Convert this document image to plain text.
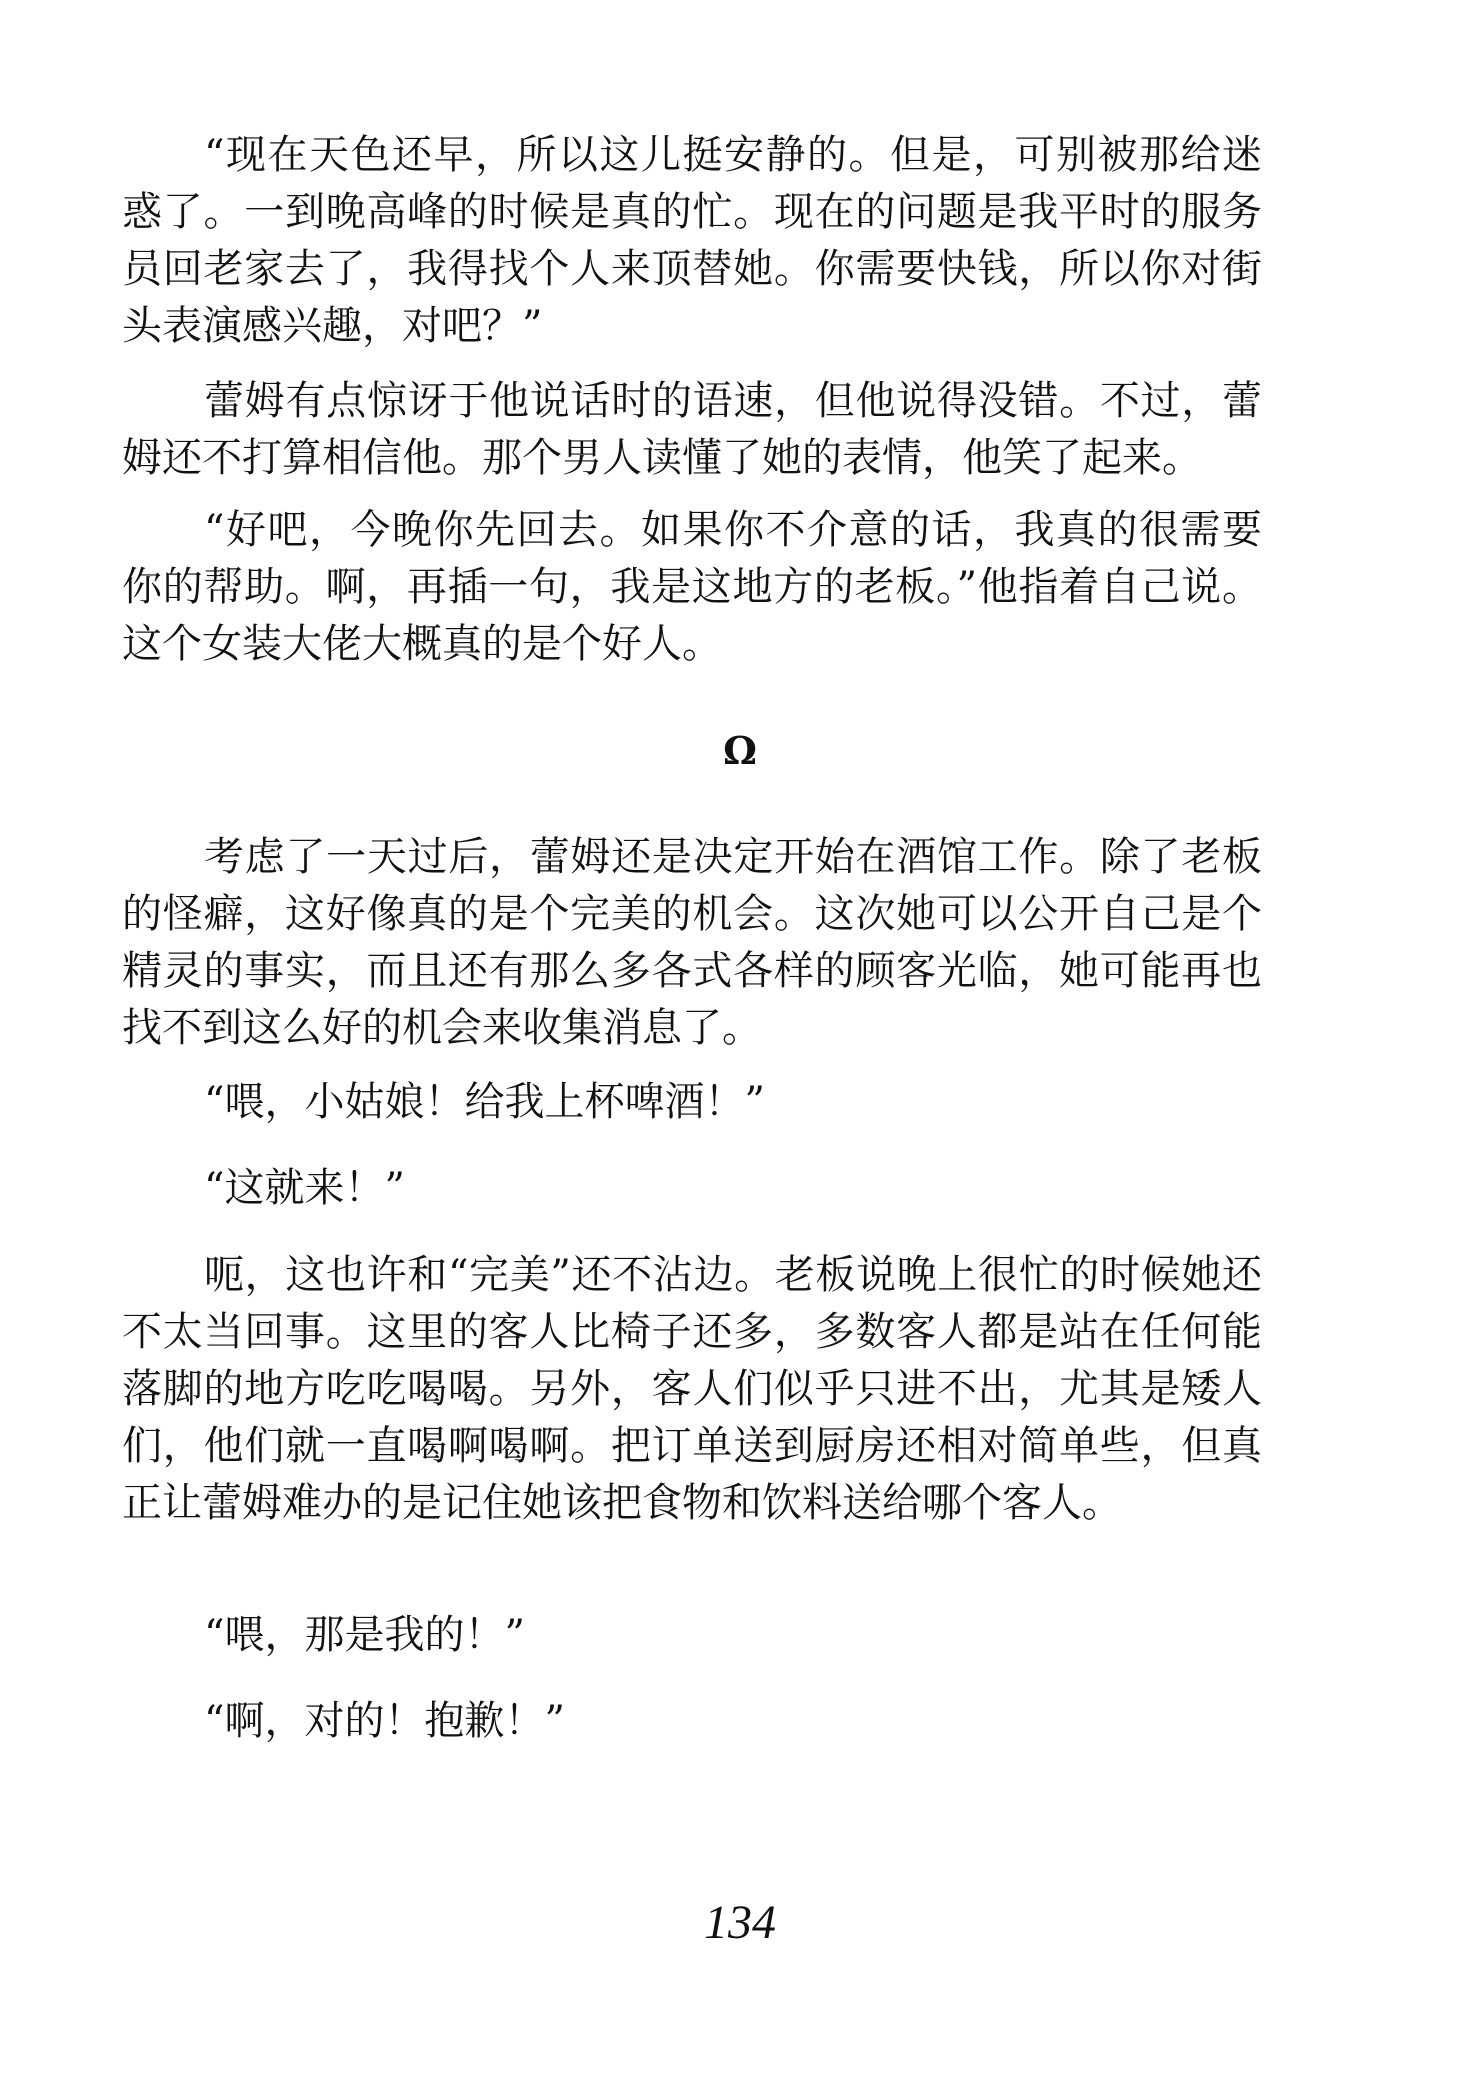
“现在天色还早，所以这儿挺安静的。但是，可别被那给迷惑了。一到晚高峰的时候是真的忙。现在的问题是我平时的服务员回老家去了，我得找个人来顶替她。你需要快钱，所以你对街头表演感兴趣，对吧？”

蕾姆有点惊讶于他说话时的语速，但他说得没错。不过，蕾姆还不打算相信他。那个男人读懂了她的表情，他笑了起来。

“好吧，今晚你先回去。如果你不介意的话，我真的很需要你的帮助。啊，再插一句，我是这地方的老板。”他指着自己说。这个女装大佬大概真的是个好人。

Ω

考虑了一天过后，蕾姆还是决定开始在酒馆工作。除了老板的怪癖，这好像真的是个完美的机会。这次她可以公开自己是个精灵的事实，而且还有那么多各式各样的顾客光临，她可能再也找不到这么好的机会来收集消息了。

“喂，小姑娘！给我上杯啤酒！”

“这就来！”

呃，这也许和“完美”还不沾边。老板说晚上很忙的时候她还不太当回事。这里的客人比椅子还多，多数客人都是站在任何能落脚的地方吃吃喝喝。另外，客人们似乎只进不出，尤其是矮人们，他们就一直喝啊喝啊。把订单送到厨房还相对简单些，但真正让蕾姆难办的是记住她该把食物和饮料送给哪个客人。

“喂，那是我的！”

“啊，对的！抱歉！”

134
